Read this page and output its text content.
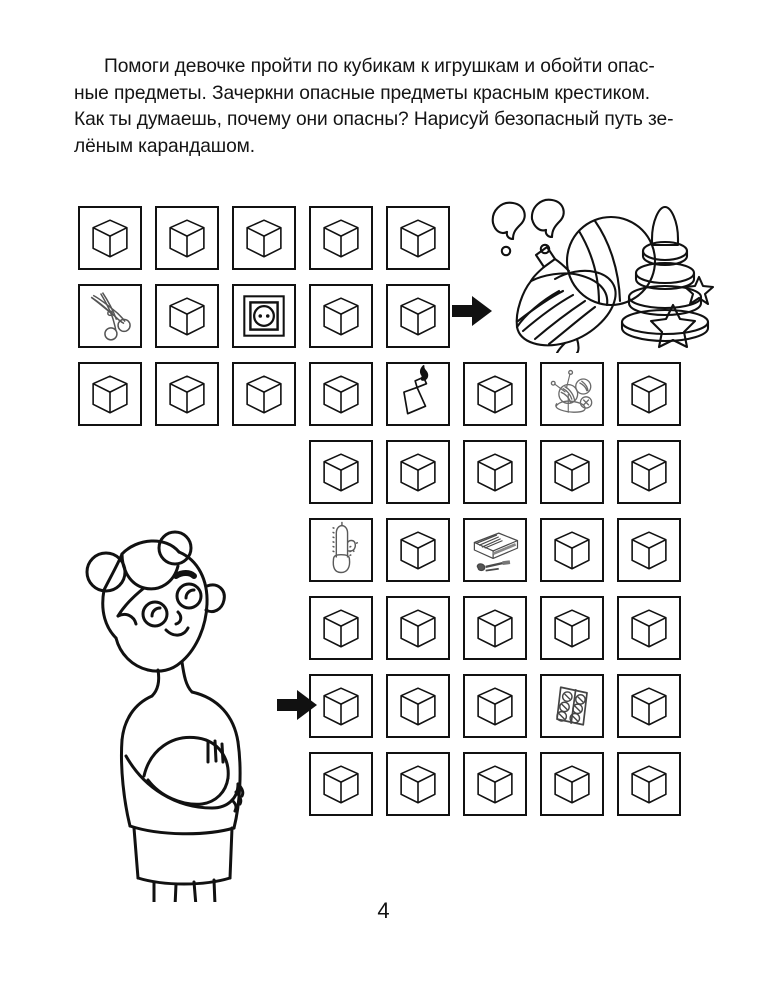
Помоги девочке пройти по кубикам к игрушкам и обойти опас-
ные предметы. Зачеркни опасные предметы красным крестиком.
Как ты думаешь, почему они опасны? Нарисуй безопасный путь зе-
лёным карандашом.
4
